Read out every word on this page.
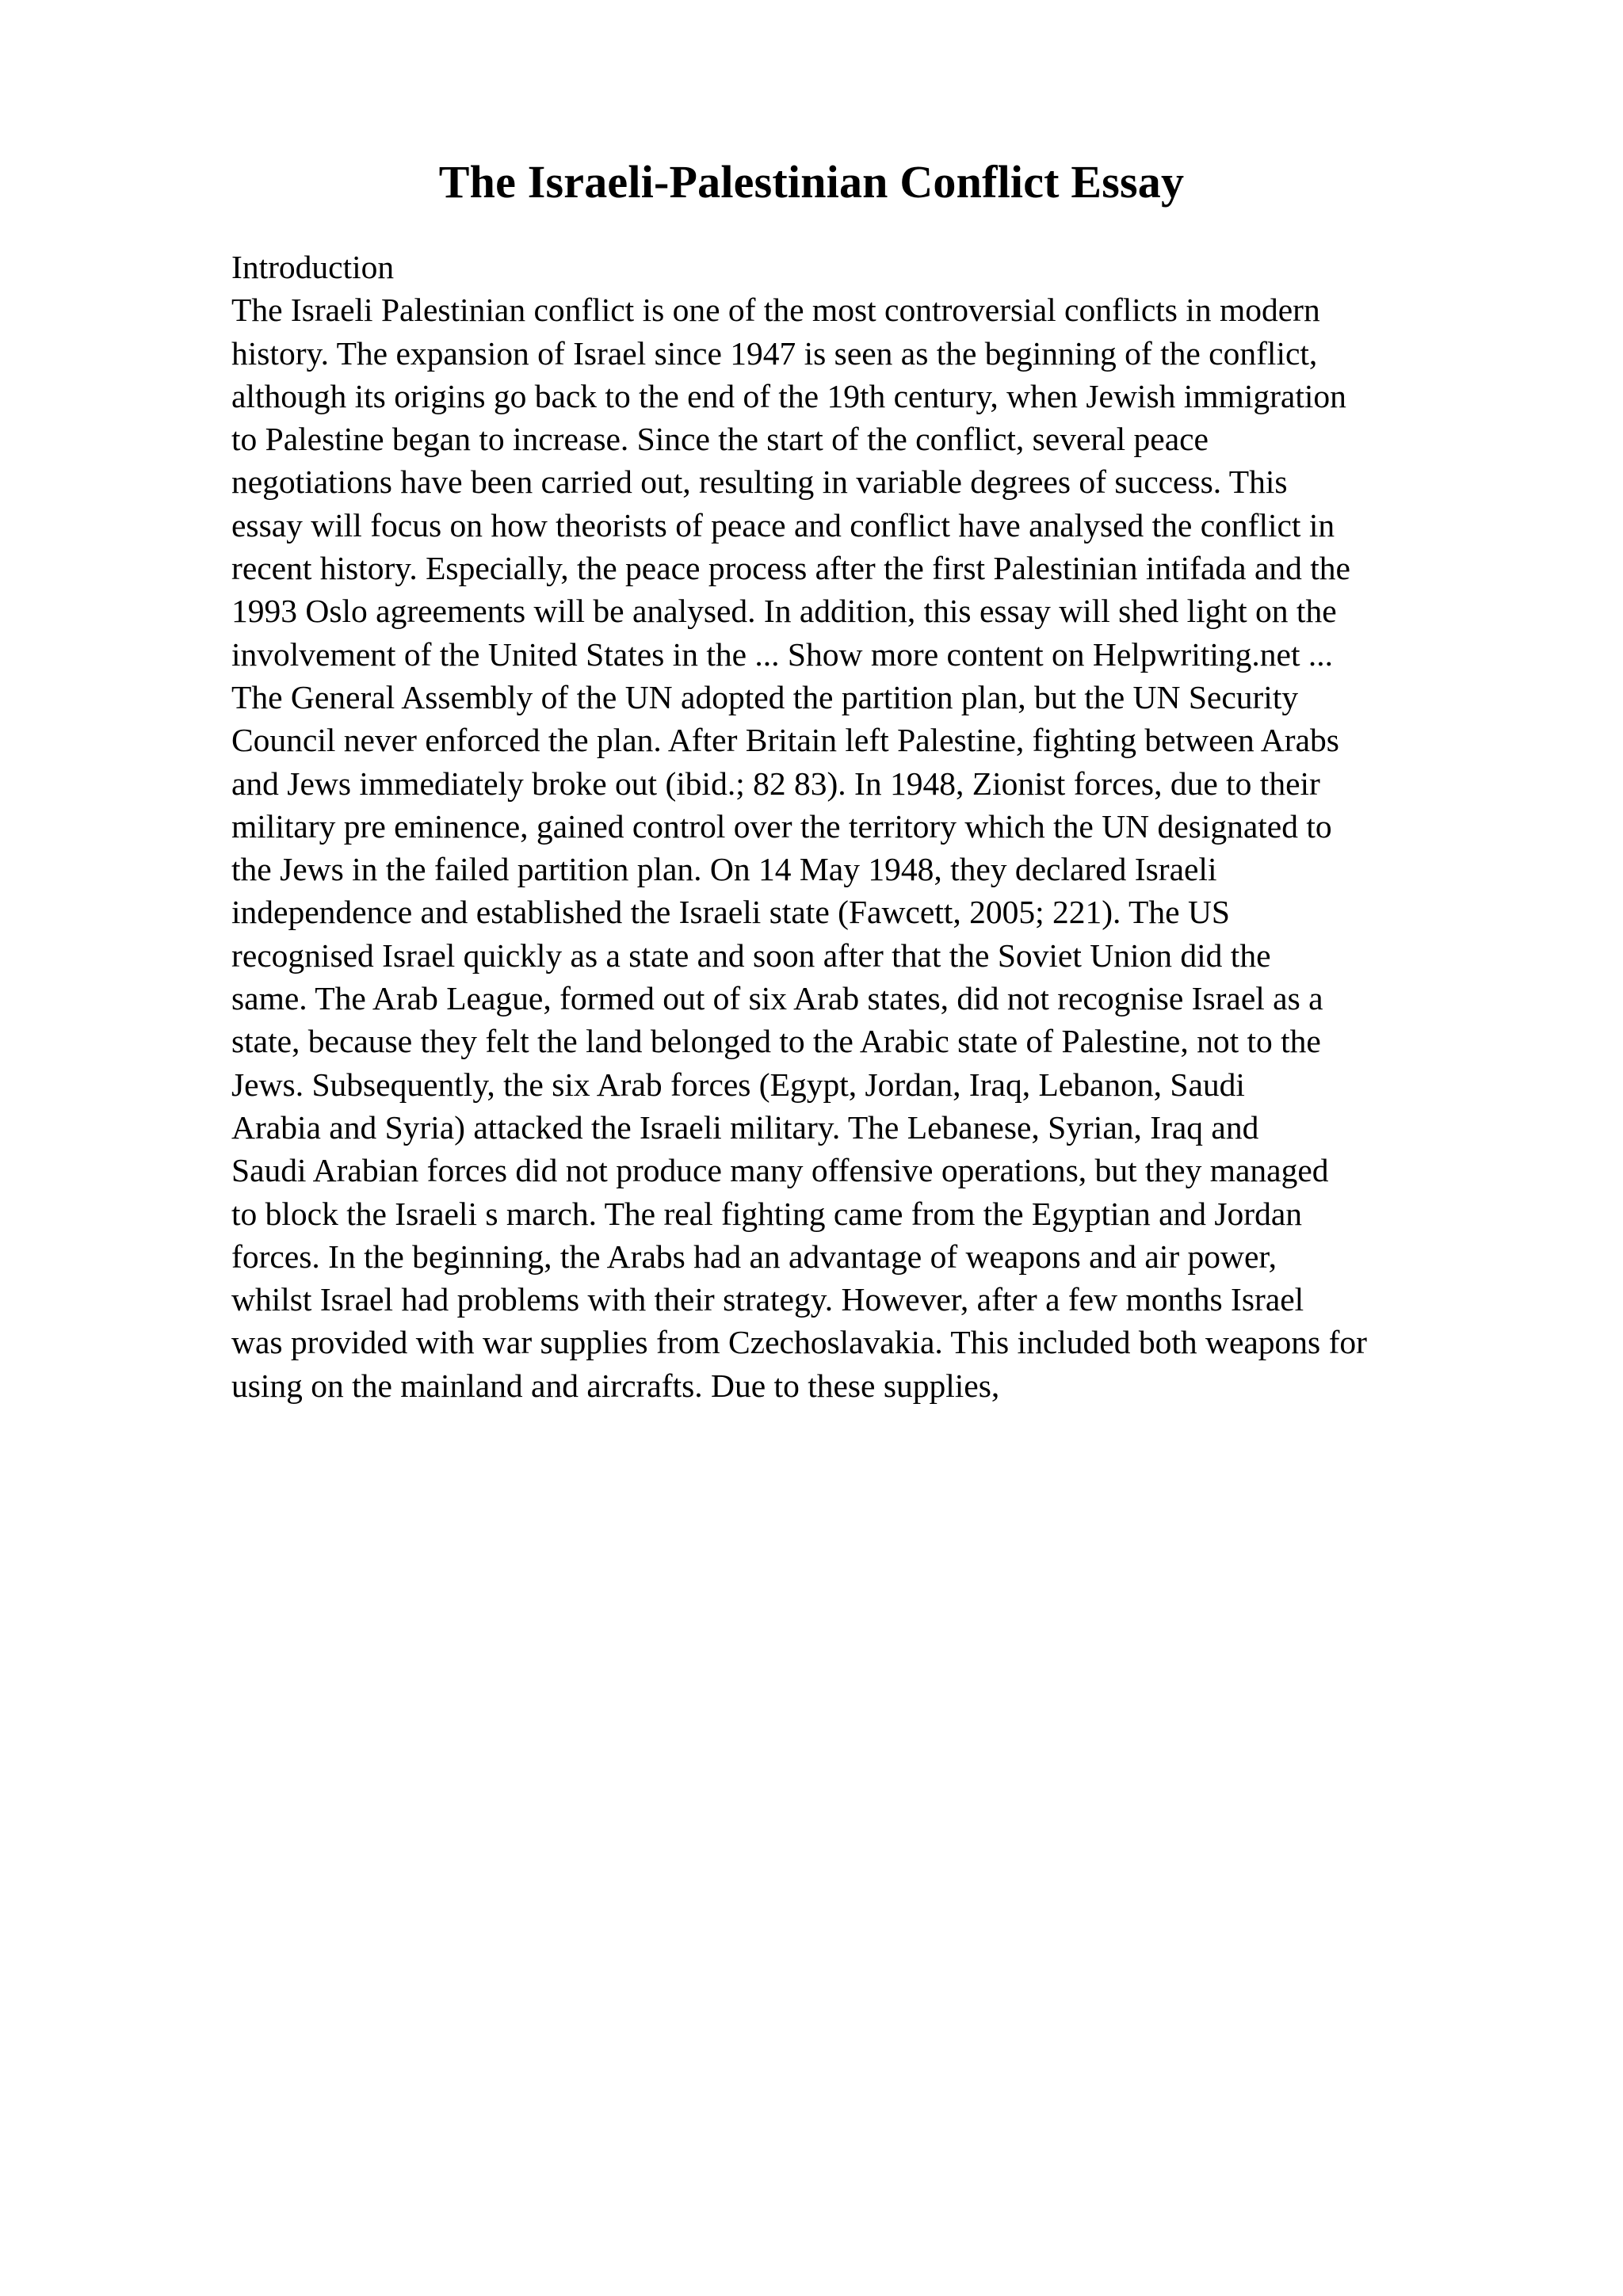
The Israeli-Palestinian Conflict Essay
Introduction
The Israeli Palestinian conflict is one of the most controversial conflicts in modern
history. The expansion of Israel since 1947 is seen as the beginning of the conflict,
although its origins go back to the end of the 19th century, when Jewish immigration
to Palestine began to increase. Since the start of the conflict, several peace
negotiations have been carried out, resulting in variable degrees of success. This
essay will focus on how theorists of peace and conflict have analysed the conflict in
recent history. Especially, the peace process after the first Palestinian intifada and the
1993 Oslo agreements will be analysed. In addition, this essay will shed light on the
involvement of the United States in the ... Show more content on Helpwriting.net ...
The General Assembly of the UN adopted the partition plan, but the UN Security
Council never enforced the plan. After Britain left Palestine, fighting between Arabs
and Jews immediately broke out (ibid.; 82 83). In 1948, Zionist forces, due to their
military pre eminence, gained control over the territory which the UN designated to
the Jews in the failed partition plan. On 14 May 1948, they declared Israeli
independence and established the Israeli state (Fawcett, 2005; 221). The US
recognised Israel quickly as a state and soon after that the Soviet Union did the
same. The Arab League, formed out of six Arab states, did not recognise Israel as a
state, because they felt the land belonged to the Arabic state of Palestine, not to the
Jews. Subsequently, the six Arab forces (Egypt, Jordan, Iraq, Lebanon, Saudi
Arabia and Syria) attacked the Israeli military. The Lebanese, Syrian, Iraq and
Saudi Arabian forces did not produce many offensive operations, but they managed
to block the Israeli s march. The real fighting came from the Egyptian and Jordan
forces. In the beginning, the Arabs had an advantage of weapons and air power,
whilst Israel had problems with their strategy. However, after a few months Israel
was provided with war supplies from Czechoslavakia. This included both weapons for
using on the mainland and aircrafts. Due to these supplies,
